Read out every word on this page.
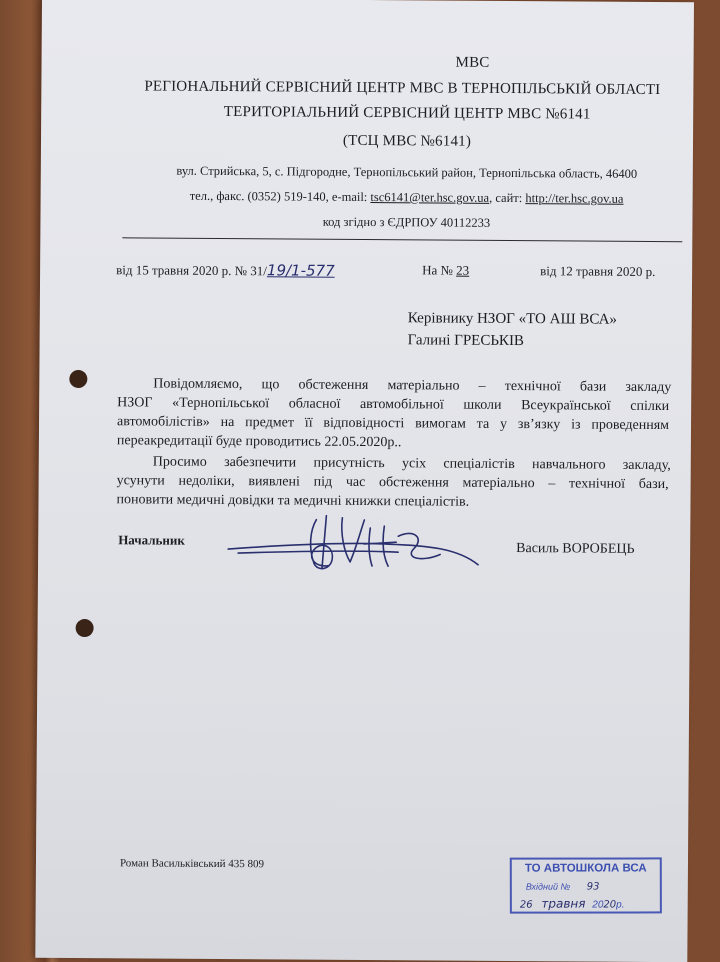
МВС
РЕГІОНАЛЬНИЙ СЕРВІСНИЙ ЦЕНТР МВС В ТЕРНОПІЛЬСЬКІЙ ОБЛАСТІ
ТЕРИТОРІАЛЬНИЙ СЕРВІСНИЙ ЦЕНТР МВС №6141
(ТСЦ МВС №6141)
вул. Стрийська, 5, с. Підгородне, Тернопільський район, Тернопільська область, 46400
тел., факс. (0352) 519-140, e-mail: tsc6141@ter.hsc.gov.ua, сайт: http://ter.hsc.gov.ua
код згідно з ЄДРПОУ 40112233
від 15 травня 2020 р. № 31/19/1-577	На № 23	від 12 травня 2020 р.
Керівнику НЗОГ «ТО АШ ВСА»
Галині ГРЕСЬКІВ
Повідомляємо, що обстеження матеріально – технічної бази закладу
НЗОГ «Тернопільської обласної автомобільної школи Всеукраїнської спілки
автомобілістів» на предмет її відповідності вимогам та у зв’язку із проведенням
переакредитації буде проводитись 22.05.2020р..
Просимо забезпечити присутність усіх спеціалістів навчального закладу,
усунути недоліки, виявлені під час обстеження матеріально – технічної бази,
поновити медичні довідки та медичні книжки спеціалістів.
Начальник
Василь ВОРОБЕЦЬ
Роман Васильківський 435 809	ТО АВТОШКОЛА ВСА
Вхідний № 93
26 травня 2020р.
